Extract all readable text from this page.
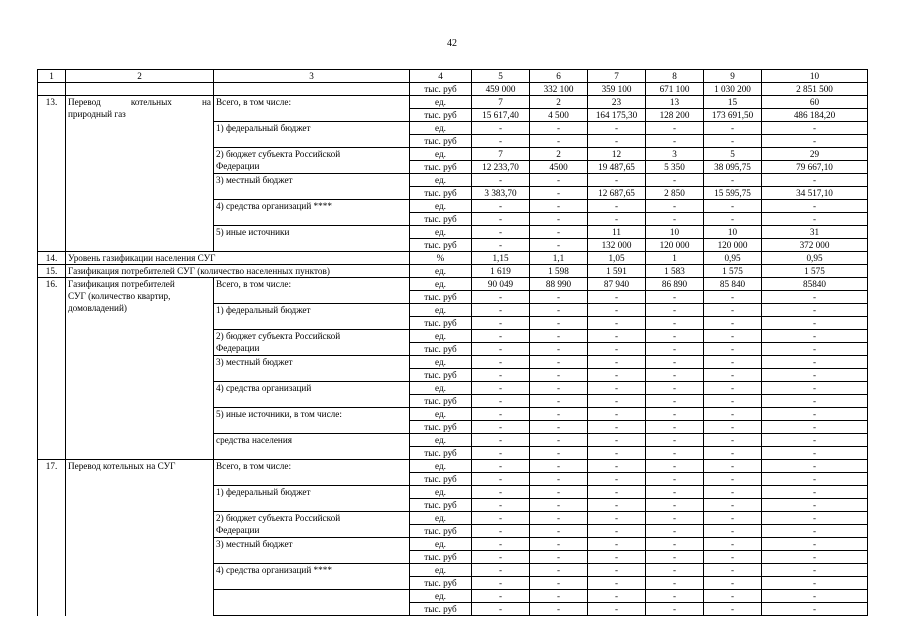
42
1	2	3	4	5	6	7	8	9	10
			тыс. руб	459 000	332 100	359 100	671 100	1 030 200	2 851 500
13.	Перевод котельных на
природный газ	Всего, в том числе:	ед.	7	2	23	13	15	60
			тыс. руб	15 617,40	4 500	164 175,30	128 200	173 691,50	486 184,20
		1) федеральный бюджет	ед.	-	-	-	-	-	-
			тыс. руб	-	-	-	-	-	-

		2) бюджет субъекта Российской
Федерации	ед.	7	2	12	3	5	29
			тыс. руб	12 233,70	4500	19 487,65	5 350	38 095,75	79 667,10
		3) местный бюджет	ед.	-	-	-	-	-	-
			тыс. руб	3 383,70	-	12 687,65	2 850	15 595,75	34 517,10
		4) средства организаций ****	ед.	-	-	-	-	-	-
			тыс. руб	-	-	-	-	-	-
		5) иные источники	ед.	-	-	11	10	10	31
			тыс. руб	-	-	132 000	120 000	120 000	372 000
14.	Уровень газификации населения СУГ		%	1,15	1,1	1,05	1	0,95	0,95
15.	Газификация потребителей СУГ (количество населенных пунктов)		ед.	1 619	1 598	1 591	1 583	1 575	1 575
16.	Газификация потребителей
СУГ (количество квартир,
домовладений)	Всего, в том числе:	ед.	90 049	88 990	87 940	86 890	85 840	85840
			тыс. руб	-	-	-	-	-	-
		1) федеральный бюджет	ед.	-	-	-	-	-	-
			тыс. руб	-	-	-	-	-	-

		2) бюджет субъекта Российской
Федерации	ед.	-	-	-	-	-	-
			тыс. руб	-	-	-	-	-	-
		3) местный бюджет	ед.	-	-	-	-	-	-
			тыс. руб	-	-	-	-	-	-
		4) средства организаций	ед.	-	-	-	-	-	-
			тыс. руб	-	-	-	-	-	-
		5) иные источники, в том числе:	ед.	-	-	-	-	-	-
			тыс. руб	-	-	-	-	-	-
		средства населения	ед.	-	-	-	-	-	-
			тыс. руб	-	-	-	-	-	-
17.	Перевод котельных на СУГ	Всего, в том числе:	ед.	-	-	-	-	-	-
			тыс. руб	-	-	-	-	-	-
		1) федеральный бюджет	ед.	-	-	-	-	-	-
			тыс. руб	-	-	-	-	-	-

		2) бюджет субъекта Российской
Федерации	ед.	-	-	-	-	-	-
			тыс. руб	-	-	-	-	-	-
		3) местный бюджет	ед.	-	-	-	-	-	-
			тыс. руб	-	-	-	-	-	-
		4) средства организаций ****	ед.	-	-	-	-	-	-
			тыс. руб	-	-	-	-	-	-
			ед.	-	-	-	-	-	-
			тыс. руб	-	-	-	-	-	-
